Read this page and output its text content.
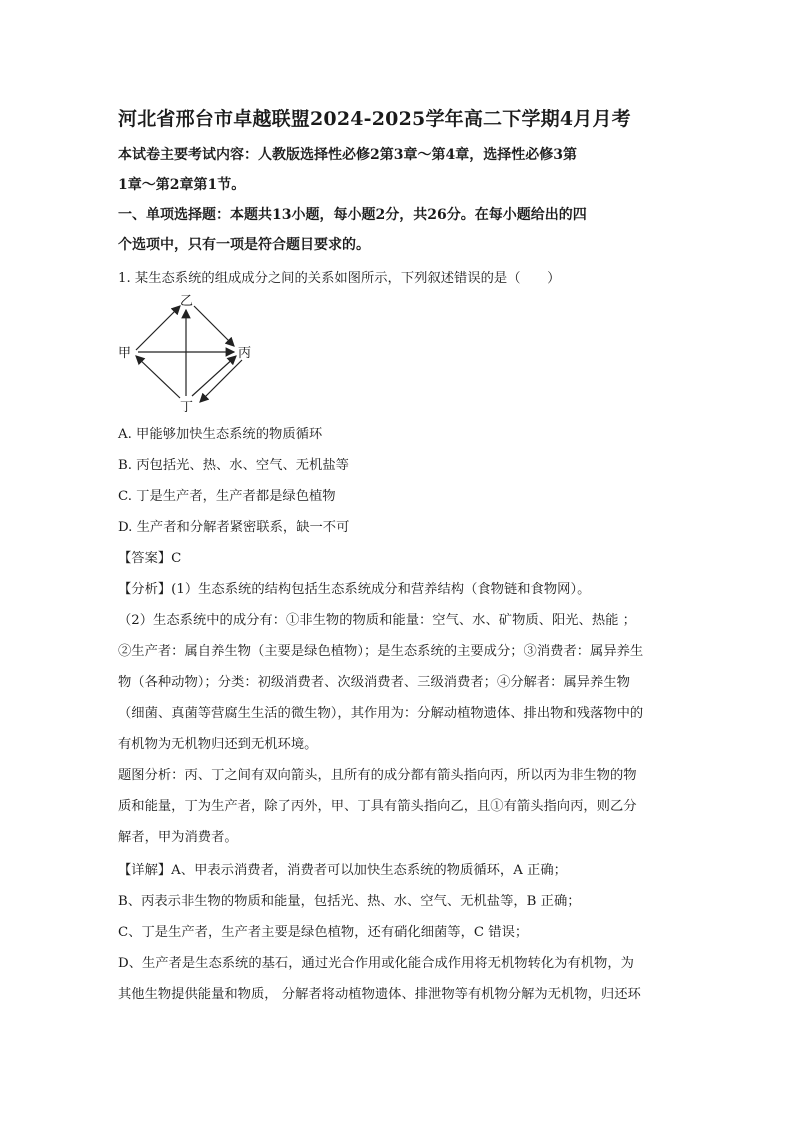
河北省邢台市卓越联盟2024-2025学年高二下学期4月月考
本试卷主要考试内容：人教版选择性必修2第3章～第4章，选择性必修3第
1章～第2章第1节。
一、单项选择题：本题共13小题，每小题2分，共26分。在每小题给出的四
个选项中，只有一项是符合题目要求的。
1. 某生态系统的组成成分之间的关系如图所示，下列叙述错误的是（　　）
乙
甲	丙
丁
A. 甲能够加快生态系统的物质循环
B. 丙包括光、热、水、空气、无机盐等
C. 丁是生产者，生产者都是绿色植物
D. 生产者和分解者紧密联系，缺一不可
【答案】C
【分析】(1）生态系统的结构包括生态系统成分和营养结构（食物链和食物网）。
（2）生态系统中的成分有：①非生物的物质和能量：空气、水、矿物质、阳光、热能 ；
②生产者：属自养生物（主要是绿色植物）；是生态系统的主要成分；③消费者：属异养生
物（各种动物）；分类：初级消费者、次级消费者、三级消费者；④分解者：属异养生物
（细菌、真菌等营腐生生活的微生物），其作用为：分解动植物遗体、排出物和残落物中的
有机物为无机物归还到无机环境。
题图分析：丙、丁之间有双向箭头，且所有的成分都有箭头指向丙，所以丙为非生物的物
质和能量，丁为生产者，除了丙外，甲、丁具有箭头指向乙，且①有箭头指向丙，则乙分
解者，甲为消费者。
【详解】A、甲表示消费者，消费者可以加快生态系统的物质循环，A 正确；
B、丙表示非生物的物质和能量，包括光、热、水、空气、无机盐等，B 正确；
C、丁是生产者，生产者主要是绿色植物，还有硝化细菌等，C 错误；
D、生产者是生态系统的基石，通过光合作用或化能合成作用将无机物转化为有机物，为
其他生物提供能量和物质， 分解者将动植物遗体、排泄物等有机物分解为无机物，归还环
